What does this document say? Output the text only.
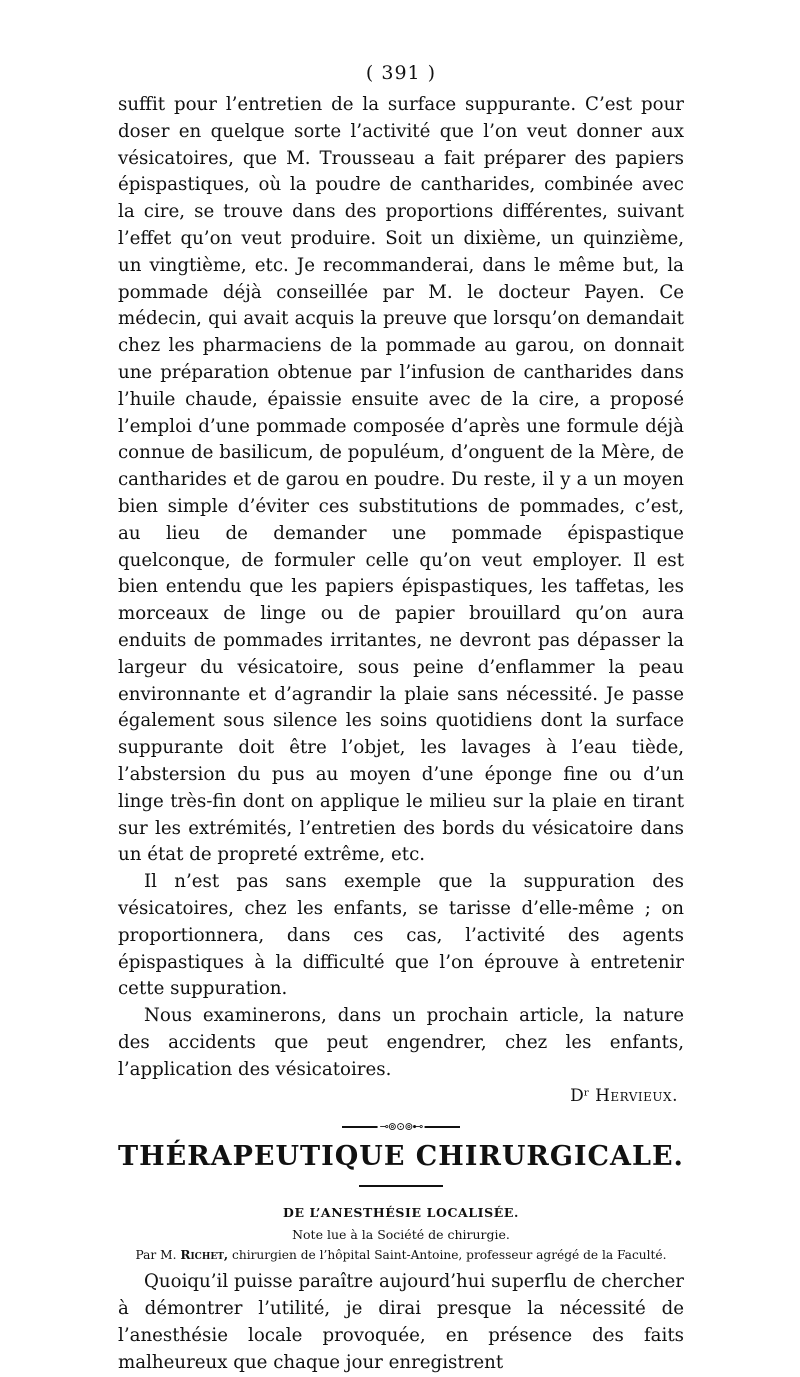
( 391 )

suffit pour l’entretien de la surface suppurante. C’est pour doser en quelque sorte l’activité que l’on veut donner aux vésicatoires, que M. Trousseau a fait préparer des papiers épispastiques, où la poudre de cantharides, combinée avec la cire, se trouve dans des proportions différentes, suivant l’effet qu’on veut produire. Soit un dixième, un quinzième, un vingtième, etc. Je recommanderai, dans le même but, la pommade déjà conseillée par M. le docteur Payen. Ce médecin, qui avait acquis la preuve que lorsqu’on demandait chez les pharmaciens de la pommade au garou, on donnait une préparation obtenue par l’infusion de cantharides dans l’huile chaude, épaissie ensuite avec de la cire, a proposé l’emploi d’une pommade composée d’après une formule déjà connue de basilicum, de populéum, d’onguent de la Mère, de cantharides et de garou en poudre. Du reste, il y a un moyen bien simple d’éviter ces substitutions de pommades, c’est, au lieu de demander une pommade épispastique quelconque, de formuler celle qu’on veut employer. Il est bien entendu que les papiers épispastiques, les taffetas, les morceaux de linge ou de papier brouillard qu’on aura enduits de pommades irritantes, ne devront pas dépasser la largeur du vésicatoire, sous peine d’enflammer la peau environnante et d’agrandir la plaie sans nécessité. Je passe également sous silence les soins quotidiens dont la surface suppurante doit être l’objet, les lavages à l’eau tiède, l’abstersion du pus au moyen d’une éponge fine ou d’un linge très-fin dont on applique le milieu sur la plaie en tirant sur les extrémités, l’entretien des bords du vésicatoire dans un état de propreté extrême, etc.

Il n’est pas sans exemple que la suppuration des vésicatoires, chez les enfants, se tarisse d’elle-même ; on proportionnera, dans ces cas, l’activité des agents épispastiques à la difficulté que l’on éprouve à entretenir cette suppuration.

Nous examinerons, dans un prochain article, la nature des accidents que peut engendrer, chez les enfants, l’application des vésicatoires.

Dʳ Hervieux.
⊸⊚⊙⊚⊷
THÉRAPEUTIQUE CHIRURGICALE.
DE L’ANESTHÉSIE LOCALISÉE.
Note lue à la Société de chirurgie.
Par M. Richet, chirurgien de l’hôpital Saint-Antoine, professeur agrégé de la Faculté.

Quoiqu’il puisse paraître aujourd’hui superflu de chercher à démontrer l’utilité, je dirai presque la nécessité de l’anesthésie locale provoquée, en présence des faits malheureux que chaque jour enregistrent
